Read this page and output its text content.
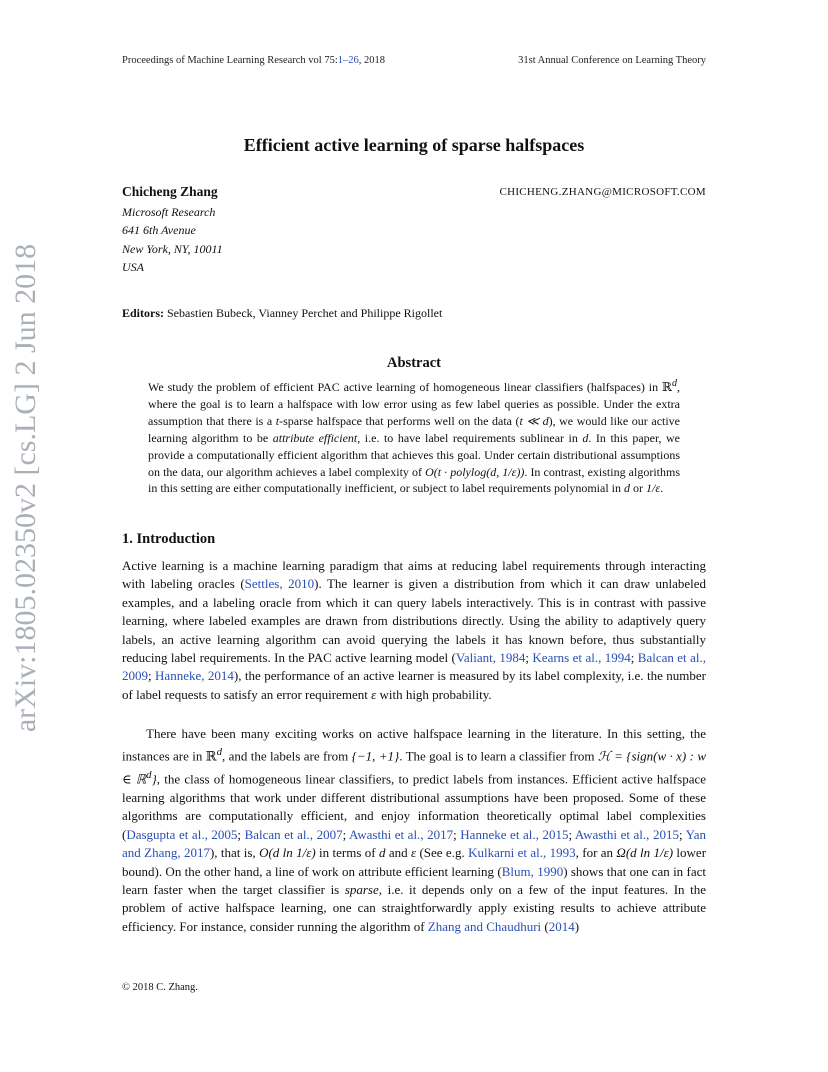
Proceedings of Machine Learning Research vol 75:1–26, 2018	31st Annual Conference on Learning Theory
arXiv:1805.02350v2 [cs.LG] 2 Jun 2018
Efficient active learning of sparse halfspaces
Chicheng Zhang	CHICHENG.ZHANG@MICROSOFT.COM
Microsoft Research
641 6th Avenue
New York, NY, 10011
USA
Editors: Sebastien Bubeck, Vianney Perchet and Philippe Rigollet
Abstract

We study the problem of efficient PAC active learning of homogeneous linear classifiers (halfspaces) in ℝ$^d$, where the goal is to learn a halfspace with low error using as few label queries as possible. Under the extra assumption that there is a t-sparse halfspace that performs well on the data (t ≪ d), we would like our active learning algorithm to be attribute efficient, i.e. to have label requirements sublinear in d. In this paper, we provide a computationally efficient algorithm that achieves this goal. Under certain distributional assumptions on the data, our algorithm achieves a label complexity of O(t · polylog(d, 1/ε)). In contrast, existing algorithms in this setting are either computationally inefficient, or subject to label requirements polynomial in d or 1/ε.

1. Introduction

Active learning is a machine learning paradigm that aims at reducing label requirements through interacting with labeling oracles (Settles, 2010). The learner is given a distribution from which it can draw unlabeled examples, and a labeling oracle from which it can query labels interactively. This is in contrast with passive learning, where labeled examples are drawn from distributions directly. Using the ability to adaptively query labels, an active learning algorithm can avoid querying the labels it has known before, thus substantially reducing label requirements. In the PAC active learning model (Valiant, 1984; Kearns et al., 1994; Balcan et al., 2009; Hanneke, 2014), the performance of an active learner is measured by its label complexity, i.e. the number of label requests to satisfy an error requirement ε with high probability.

There have been many exciting works on active halfspace learning in the literature. In this setting, the instances are in ℝ$^d$, and the labels are from {−1, +1}. The goal is to learn a classifier from ℋ = {sign(w · x) : w ∈ ℝ$^d$}, the class of homogeneous linear classifiers, to predict labels from instances. Efficient active halfspace learning algorithms that work under different distributional assumptions have been proposed. Some of these algorithms are computationally efficient, and enjoy information theoretically optimal label complexities (Dasgupta et al., 2005; Balcan et al., 2007; Awasthi et al., 2017; Hanneke et al., 2015; Awasthi et al., 2015; Yan and Zhang, 2017), that is, O(d ln 1/ε) in terms of d and ε (See e.g. Kulkarni et al., 1993, for an Ω(d ln 1/ε) lower bound). On the other hand, a line of work on attribute efficient learning (Blum, 1990) shows that one can in fact learn faster when the target classifier is sparse, i.e. it depends only on a few of the input features. In the problem of active halfspace learning, one can straightforwardly apply existing results to achieve attribute efficiency. For instance, consider running the algorithm of Zhang and Chaudhuri (2014)

© 2018 C. Zhang.
